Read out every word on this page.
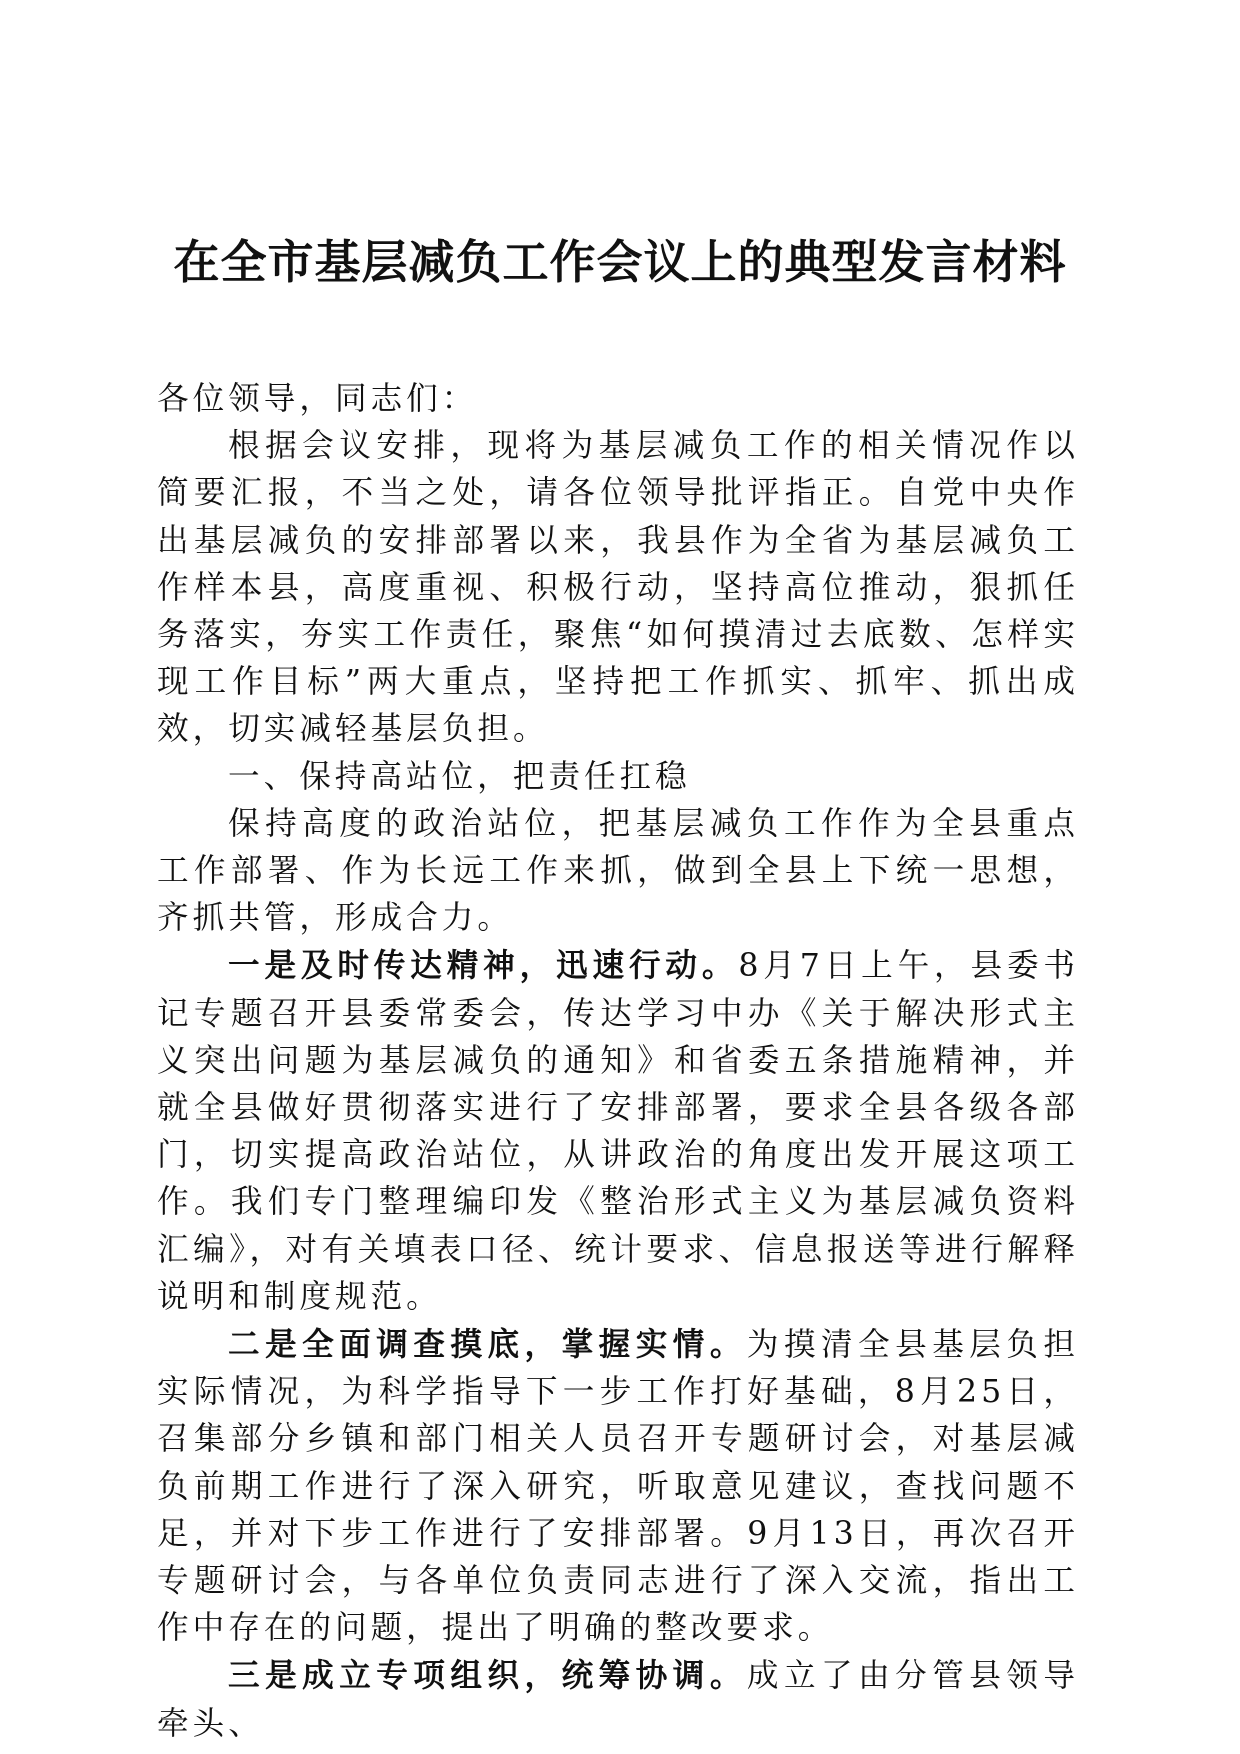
在全市基层减负工作会议上的典型发言材料

各位领导，同志们：

根据会议安排，现将为基层减负工作的相关情况作以简要汇报，不当之处，请各位领导批评指正。自党中央作出基层减负的安排部署以来，我县作为全省为基层减负工作样本县，高度重视、积极行动，坚持高位推动，狠抓任务落实，夯实工作责任，聚焦“如何摸清过去底数、怎样实现工作目标”两大重点，坚持把工作抓实、抓牢、抓出成效，切实减轻基层负担。

一、保持高站位，把责任扛稳

保持高度的政治站位，把基层减负工作作为全县重点工作部署、作为长远工作来抓，做到全县上下统一思想，齐抓共管，形成合力。

一是及时传达精神，迅速行动。8月7日上午，县委书记专题召开县委常委会，传达学习中办《关于解决形式主义突出问题为基层减负的通知》和省委五条措施精神，并就全县做好贯彻落实进行了安排部署，要求全县各级各部门，切实提高政治站位，从讲政治的角度出发开展这项工作。我们专门整理编印发《整治形式主义为基层减负资料汇编》，对有关填表口径、统计要求、信息报送等进行解释说明和制度规范。

二是全面调查摸底，掌握实情。为摸清全县基层负担实际情况，为科学指导下一步工作打好基础，8月25日，召集部分乡镇和部门相关人员召开专题研讨会，对基层减负前期工作进行了深入研究，听取意见建议，查找问题不足，并对下步工作进行了安排部署。9月13日，再次召开专题研讨会，与各单位负责同志进行了深入交流，指出工作中存在的问题，提出了明确的整改要求。

三是成立专项组织，统筹协调。成立了由分管县领导牵头、
